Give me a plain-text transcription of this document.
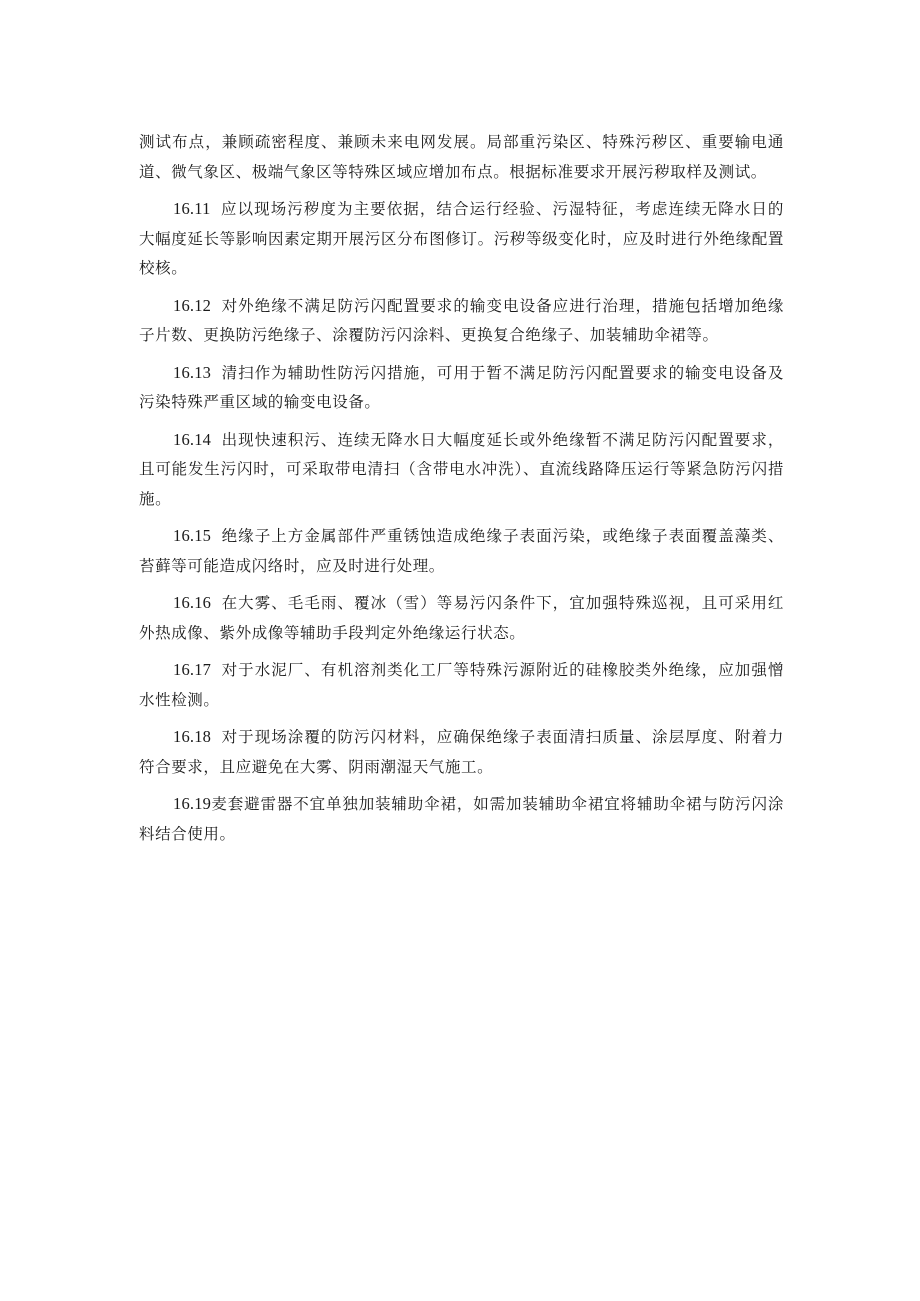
测试布点，兼顾疏密程度、兼顾未来电网发展。局部重污染区、特殊污秽区、重要输电通道、微气象区、极端气象区等特殊区域应增加布点。根据标准要求开展污秽取样及测试。

16.11 应以现场污秽度为主要依据，结合运行经验、污湿特征，考虑连续无降水日的大幅度延长等影响因素定期开展污区分布图修订。污秽等级变化时，应及时进行外绝缘配置校核。

16.12 对外绝缘不满足防污闪配置要求的输变电设备应进行治理，措施包括增加绝缘子片数、更换防污绝缘子、涂覆防污闪涂料、更换复合绝缘子、加装辅助伞裙等。

16.13 清扫作为辅助性防污闪措施，可用于暂不满足防污闪配置要求的输变电设备及污染特殊严重区域的输变电设备。

16.14 出现快速积污、连续无降水日大幅度延长或外绝缘暂不满足防污闪配置要求，且可能发生污闪时，可采取带电清扫（含带电水冲洗）、直流线路降压运行等紧急防污闪措施。

16.15 绝缘子上方金属部件严重锈蚀造成绝缘子表面污染，或绝缘子表面覆盖藻类、苔藓等可能造成闪络时，应及时进行处理。

16.16 在大雾、毛毛雨、覆冰（雪）等易污闪条件下，宜加强特殊巡视，且可采用红外热成像、紫外成像等辅助手段判定外绝缘运行状态。

16.17 对于水泥厂、有机溶剂类化工厂等特殊污源附近的硅橡胶类外绝缘，应加强憎水性检测。

16.18 对于现场涂覆的防污闪材料，应确保绝缘子表面清扫质量、涂层厚度、附着力符合要求，且应避免在大雾、阴雨潮湿天气施工。

16.19麦套避雷器不宜单独加装辅助伞裙，如需加装辅助伞裙宜将辅助伞裙与防污闪涂料结合使用。
